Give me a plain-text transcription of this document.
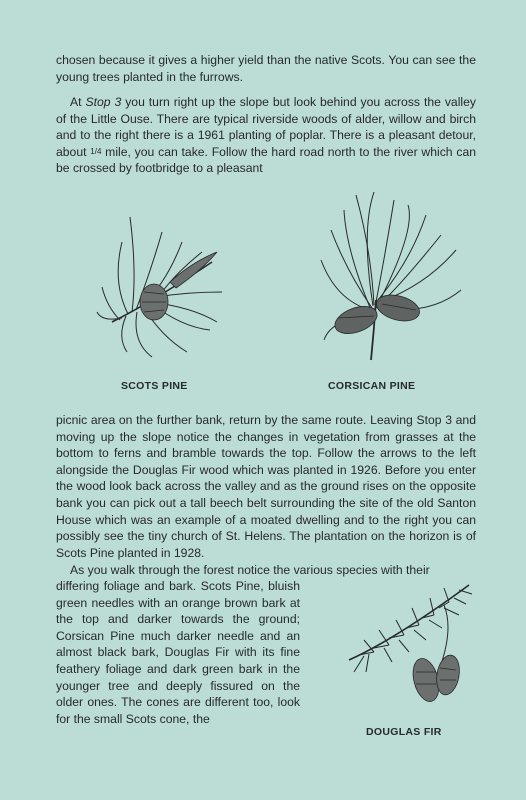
chosen because it gives a higher yield than the native Scots. You can see the young trees planted in the furrows.

At Stop 3 you turn right up the slope but look behind you across the valley of the Little Ouse. There are typical riverside woods of alder, willow and birch and to the right there is a 1961 planting of poplar. There is a pleasant detour, about 1/4 mile, you can take. Follow the hard road north to the river which can be crossed by footbridge to a pleasant

SCOTS PINE	CORSICAN PINE

picnic area on the further bank, return by the same route. Leaving Stop 3 and moving up the slope notice the changes in vegetation from grasses at the bottom to ferns and bramble towards the top. Follow the arrows to the left alongside the Douglas Fir wood which was planted in 1926. Before you enter the wood look back across the valley and as the ground rises on the opposite bank you can pick out a tall beech belt surrounding the site of the old Santon House which was an example of a moated dwelling and to the right you can possibly see the tiny church of St. Helens. The plantation on the horizon is of Scots Pine planted in 1928.

As you walk through the forest notice the various species with their

differing foliage and bark. Scots Pine, bluish green needles with an orange brown bark at the top and darker towards the ground; Corsican Pine much darker needle and an almost black bark, Douglas Fir with its fine feathery foliage and dark green bark in the younger tree and deeply fissured on the older ones. The cones are different too, look for the small Scots cone, the

DOUGLAS FIR
